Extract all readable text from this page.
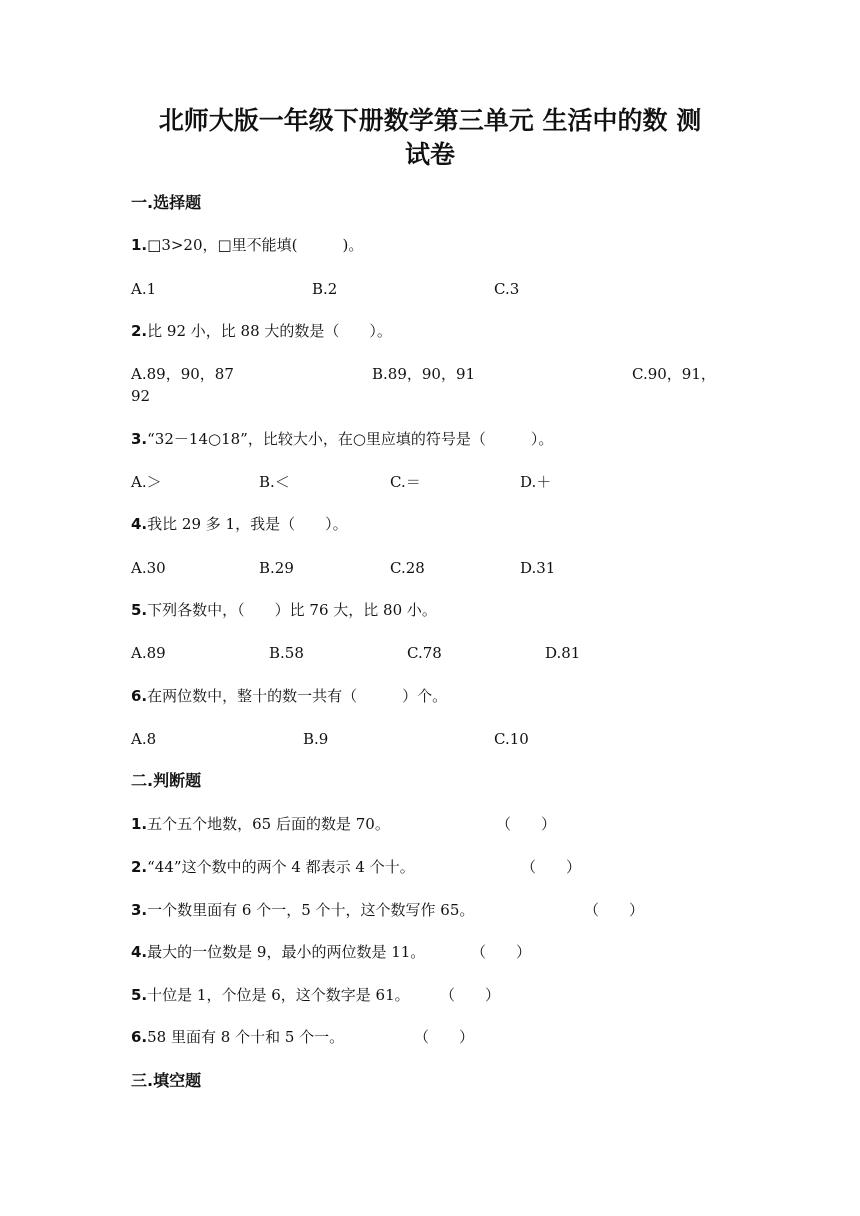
北师大版一年级下册数学第三单元 生活中的数 测
试卷
一.选择题
1.□3>20，□里不能填(　　　)。
A.1	B.2	C.3
2.比 92 小，比 88 大的数是（　　）。
A.89，90，87	B.89，90，91	C.90，91，
92
3.“32－14○18”，比较大小，在○里应填的符号是（　　　）。
A.＞	B.＜	C.＝	D.＋
4.我比 29 多 1，我是（　　）。
A.30	B.29	C.28	D.31
5.下列各数中，（　　）比 76 大，比 80 小。
A.89	B.58	C.78	D.81
6.在两位数中，整十的数一共有（　　　）个。
A.8	B.9	C.10
二.判断题
1.五个五个地数，65 后面的数是 70。	（　　）
2.“44”这个数中的两个 4 都表示 4 个十。	（　　）
3.一个数里面有 6 个一，5 个十，这个数写作 65。	（　　）
4.最大的一位数是 9，最小的两位数是 11。	（　　）
5.十位是 1，个位是 6，这个数字是 61。 （　　）
6.58 里面有 8 个十和 5 个一。	（　　）
三.填空题
